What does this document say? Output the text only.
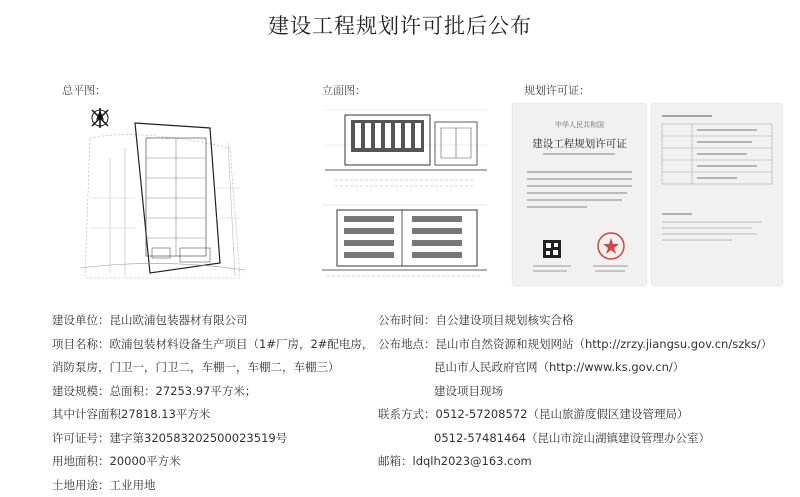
建设工程规划许可批后公布
总平图：	立面图：	规划许可证：
中华人民共和国
建设工程规划许可证
建设单位：昆山欧浦包装器材有限公司
项目名称：欧浦包装材料设备生产项目（1#厂房，2#配电房，
消防泵房，门卫一，门卫二，车棚一，车棚二，车棚三）
建设规模：总面积：27253.97平方米；
其中计容面积27818.13平方米
许可证号：建字第320583202500023519号
用地面积：20000平方米
土地用途：工业用地
公布时间：自公建设项目规划核实合格
公布地点：昆山市自然资源和规划网站（http://zrzy.jiangsu.gov.cn/szks/）
昆山市人民政府官网（http://www.ks.gov.cn/）
建设项目现场
联系方式：0512-57208572（昆山旅游度假区建设管理局）
0512-57481464（昆山市淀山湖镇建设管理办公室）
邮箱：ldqlh2023@163.com
